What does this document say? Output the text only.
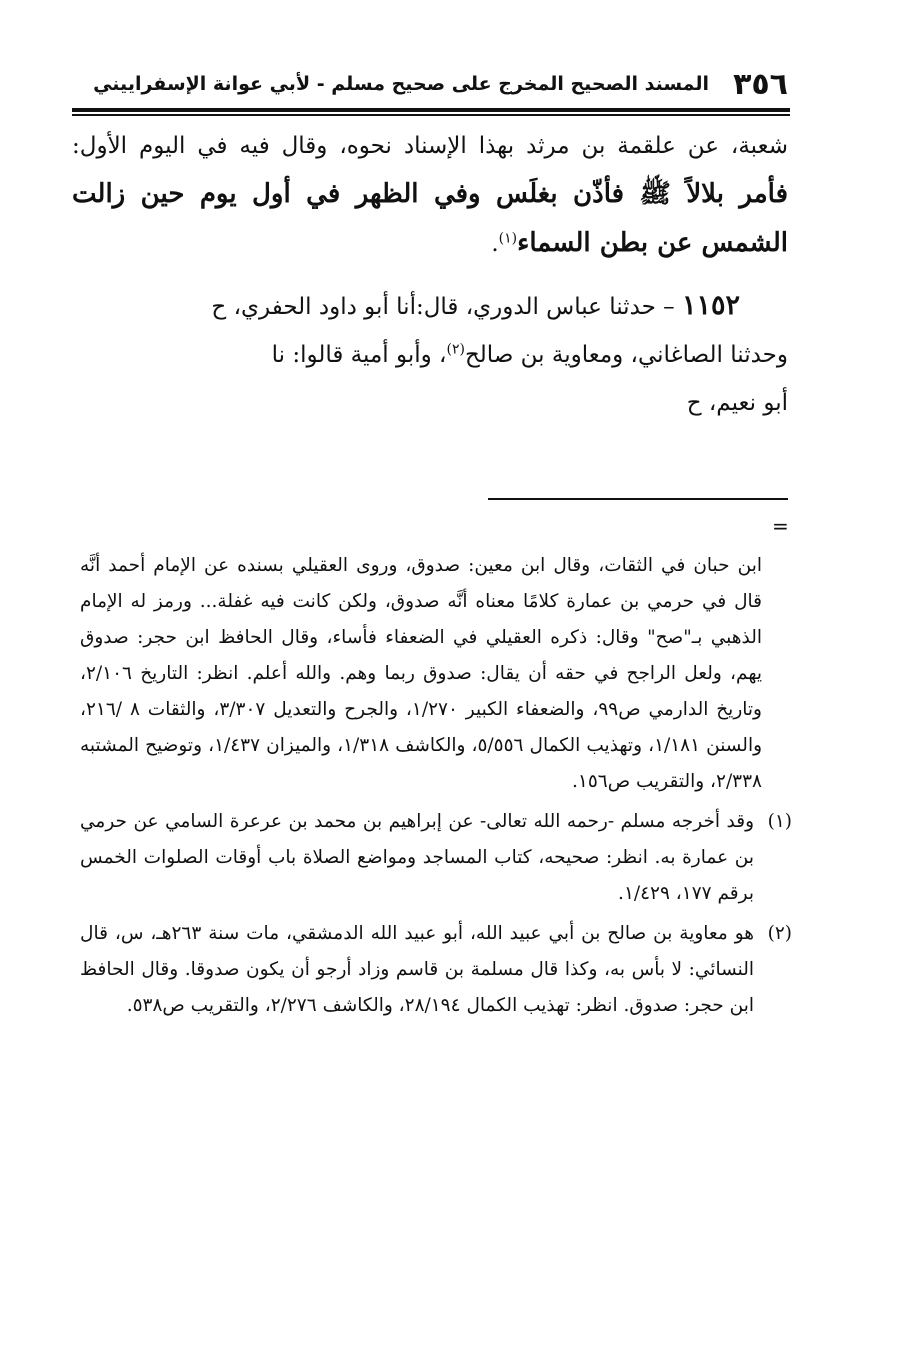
٣٥٦
المسند الصحيح المخرج على صحيح مسلم - لأبي عوانة الإسفراييني

شعبة، عن علقمة بن مرثد بهذا الإسناد نحوه، وقال فيه في اليوم الأول: فأمر بلالاً ﷺ فأذّن بغلَس وفي الظهر في أول يوم حين زالت الشمس عن بطن السماء$^{(١)}$.

١١٥٢ – حدثنا عباس الدوري، قال:أنا أبو داود الحفري، ح

وحدثنا الصاغاني، ومعاوية بن صالح$^{(٢)}$، وأبو أمية قالوا: نا

أبو نعيم، ح

=

ابن حبان في الثقات، وقال ابن معين: صدوق، وروى العقيلي بسنده عن الإمام أحمد أنَّه قال في حرمي بن عمارة كلامًا معناه أنَّه صدوق، ولكن كانت فيه غفلة... ورمز له الإمام الذهبي بـ"صح" وقال: ذكره العقيلي في الضعفاء فأساء، وقال الحافظ ابن حجر: صدوق يهم، ولعل الراجح في حقه أن يقال: صدوق ربما وهم. والله أعلم. انظر: التاريخ ٢/١٠٦، وتاريخ الدارمي ص٩٩، والضعفاء الكبير ١/٢٧٠، والجرح والتعديل ٣/٣٠٧، والثقات ٨ /٢١٦، والسنن ١/١٨١، وتهذيب الكمال ٥/٥٥٦، والكاشف ١/٣١٨، والميزان ١/٤٣٧، وتوضيح المشتبه ٢/٣٣٨، والتقريب ص١٥٦.

(١)
وقد أخرجه مسلم -رحمه الله تعالى- عن إبراهيم بن محمد بن عرعرة السامي عن حرمي بن عمارة به. انظر: صحيحه، كتاب المساجد ومواضع الصلاة باب أوقات الصلوات الخمس برقم ١٧٧، ١/٤٢٩.
(٢)
هو معاوية بن صالح بن أبي عبيد الله، أبو عبيد الله الدمشقي، مات سنة ٢٦٣هـ، س، قال النسائي: لا بأس به، وكذا قال مسلمة بن قاسم وزاد أرجو أن يكون صدوقا. وقال الحافظ ابن حجر: صدوق. انظر: تهذيب الكمال ٢٨/١٩٤، والكاشف ٢/٢٧٦، والتقريب ص٥٣٨.
